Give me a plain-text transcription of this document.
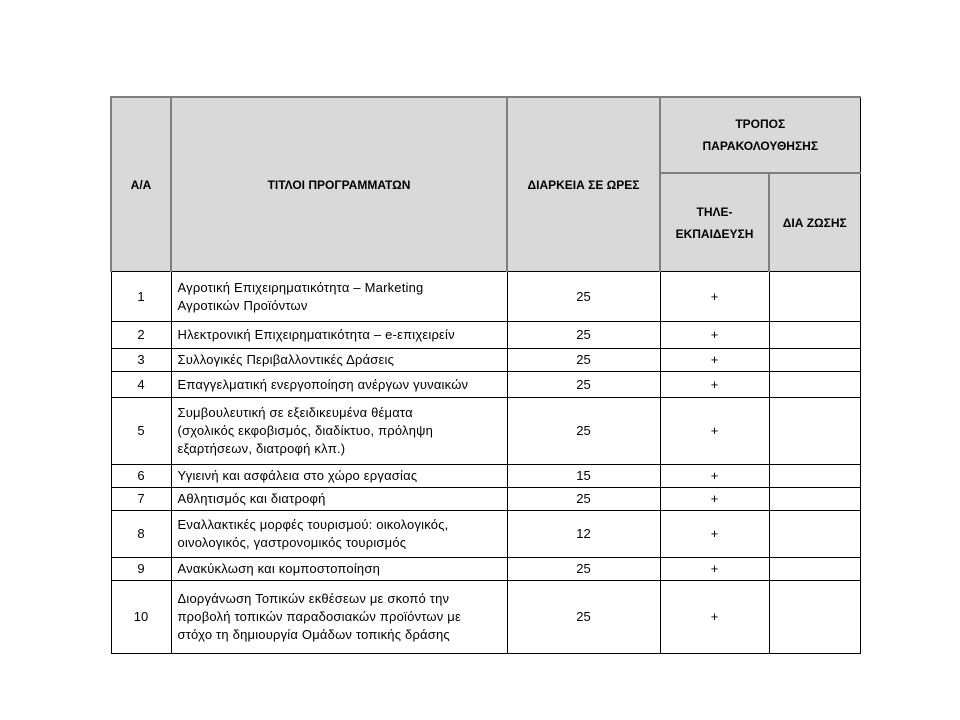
Α/Α	ΤΙΤΛΟΙ ΠΡΟΓΡΑΜΜΑΤΩΝ	ΔΙΑΡΚΕΙΑ ΣΕ ΩΡΕΣ	ΤΡΟΠΟΣ
ΠΑΡΑΚΟΛΟΥΘΗΣΗΣ	

			ΤΗΛΕ-
ΕΚΠΑΙΔΕΥΣΗ	ΔΙΑ ΖΩΣΗΣ

1	Αγροτική Επιχειρηματικότητα – Marketing
Αγροτικών Προϊόντων	25	+	
2	Ηλεκτρονική Επιχειρηματικότητα – e-επιχειρείν	25	+	
3	Συλλογικές Περιβαλλοντικές Δράσεις	25	+	
4	Επαγγελματική ενεργοποίηση ανέργων γυναικών	25	+	
5	Συμβουλευτική σε εξειδικευμένα θέματα
(σχολικός εκφοβισμός, διαδίκτυο, πρόληψη
εξαρτήσεων, διατροφή κλπ.)	25	+	
6	Υγιεινή και ασφάλεια στο χώρο εργασίας	15	+	
7	Αθλητισμός και διατροφή	25	+	
8	Εναλλακτικές μορφές τουρισμού: οικολογικός,
οινολογικός, γαστρονομικός τουρισμός	12	+	
9	Ανακύκλωση και κομποστοποίηση	25	+	
10	Διοργάνωση Τοπικών εκθέσεων με σκοπό την
προβολή τοπικών παραδοσιακών προϊόντων με
στόχο τη δημιουργία Ομάδων τοπικής δράσης	25	+	
